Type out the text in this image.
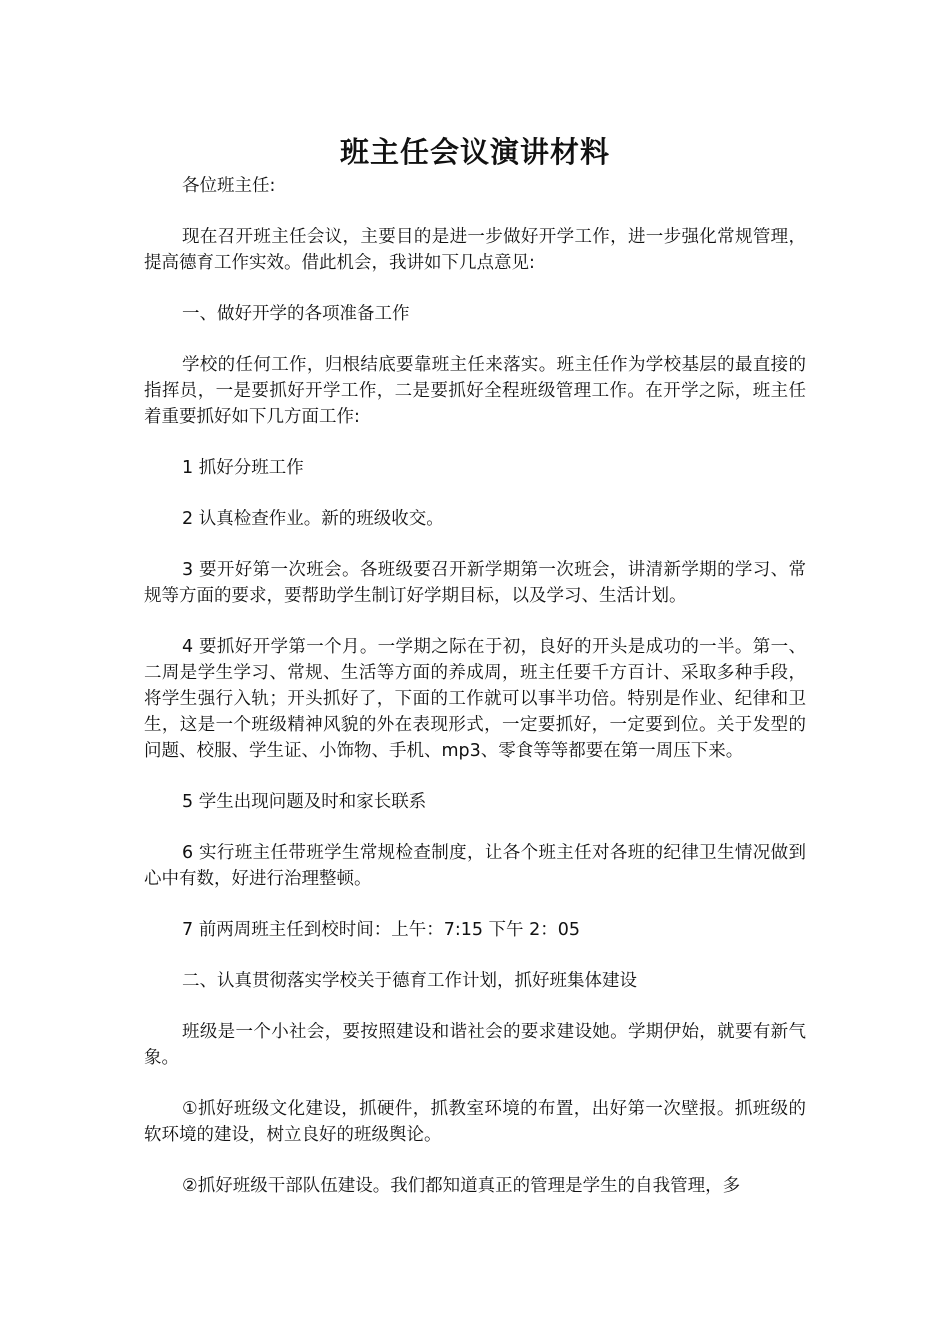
班主任会议演讲材料

各位班主任:

现在召开班主任会议，主要目的是进一步做好开学工作，进一步强化常规管理，提高德育工作实效。借此机会，我讲如下几点意见:

一、做好开学的各项准备工作

学校的任何工作，归根结底要靠班主任来落实。班主任作为学校基层的最直接的指挥员，一是要抓好开学工作，二是要抓好全程班级管理工作。在开学之际，班主任着重要抓好如下几方面工作:

1 抓好分班工作

2 认真检查作业。新的班级收交。

3 要开好第一次班会。各班级要召开新学期第一次班会，讲清新学期的学习、常规等方面的要求，要帮助学生制订好学期目标，以及学习、生活计划。

4 要抓好开学第一个月。一学期之际在于初，良好的开头是成功的一半。第一、二周是学生学习、常规、生活等方面的养成周，班主任要千方百计、采取多种手段，将学生强行入轨；开头抓好了，下面的工作就可以事半功倍。特别是作业、纪律和卫生，这是一个班级精神风貌的外在表现形式，一定要抓好，一定要到位。关于发型的问题、校服、学生证、小饰物、手机、mp3、零食等等都要在第一周压下来。

5 学生出现问题及时和家长联系

6 实行班主任带班学生常规检查制度，让各个班主任对各班的纪律卫生情况做到心中有数，好进行治理整顿。

7 前两周班主任到校时间：上午：7:15 下午 2：05

二、认真贯彻落实学校关于德育工作计划，抓好班集体建设

班级是一个小社会，要按照建设和谐社会的要求建设她。学期伊始，就要有新气象。

①抓好班级文化建设，抓硬件，抓教室环境的布置，出好第一次壁报。抓班级的软环境的建设，树立良好的班级舆论。

②抓好班级干部队伍建设。我们都知道真正的管理是学生的自我管理，多
